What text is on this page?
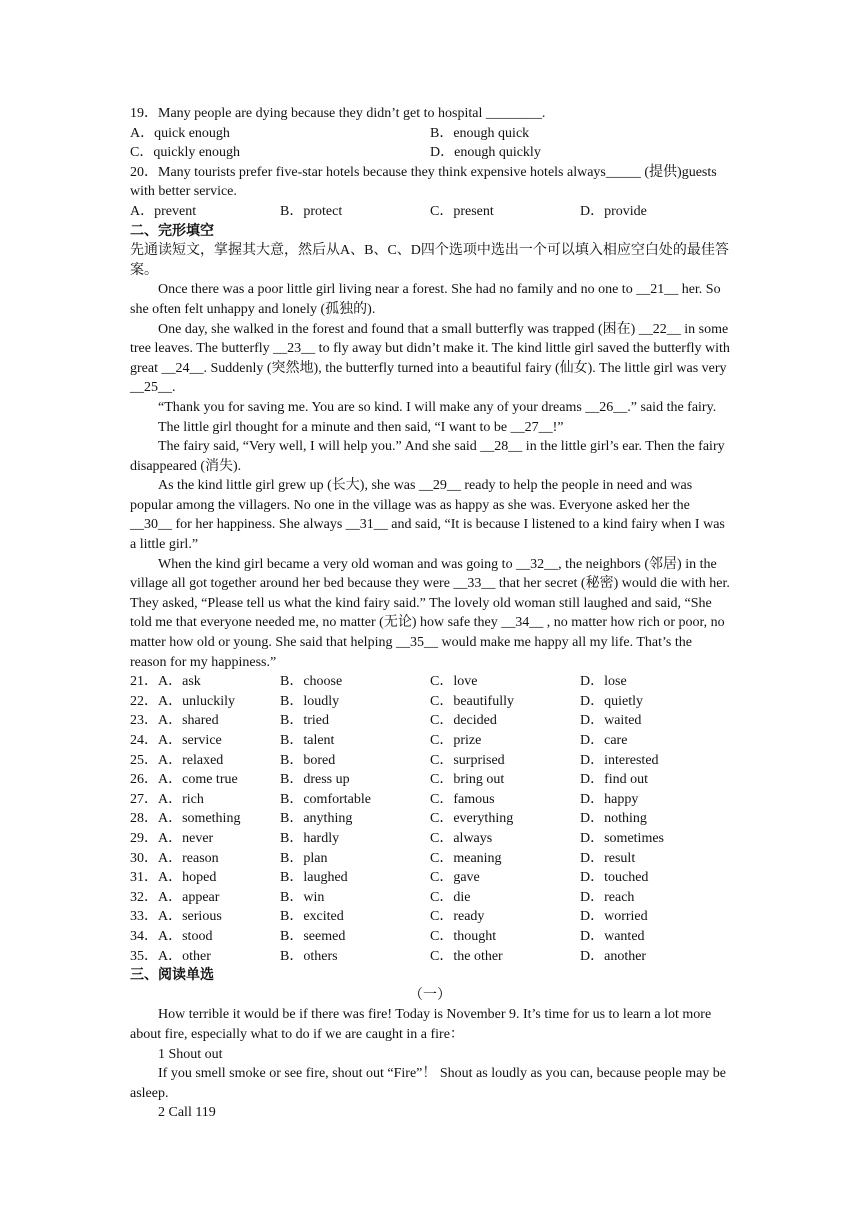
19．Many people are dying because they didn’t get to hospital ________.
A．quick enough	B．enough quick
C．quickly enough	D．enough quickly
20．Many tourists prefer five-star hotels because they think expensive hotels always_____ (提供)guests with better service.
A．prevent	B．protect	C．present	D．provide
二、完形填空
先通读短文，掌握其大意，然后从A、B、C、D四个选项中选出一个可以填入相应空白处的最佳答案。
Once there was a poor little girl living near a forest. She had no family and no one to __21__ her. So she often felt unhappy and lonely (孤独的).
One day, she walked in the forest and found that a small butterfly was trapped (困在) __22__ in some tree leaves. The butterfly __23__ to fly away but didn’t make it. The kind little girl saved the butterfly with great __24__. Suddenly (突然地), the butterfly turned into a beautiful fairy (仙女). The little girl was very __25__.
“Thank you for saving me. You are so kind. I will make any of your dreams __26__.” said the fairy.
The little girl thought for a minute and then said, “I want to be __27__!”
The fairy said, “Very well, I will help you.” And she said __28__ in the little girl’s ear. Then the fairy disappeared (消失).
As the kind little girl grew up (长大), she was __29__ ready to help the people in need and was popular among the villagers. No one in the village was as happy as she was. Everyone asked her the __30__ for her happiness. She always __31__ and said, “It is because I listened to a kind fairy when I was a little girl.”
When the kind girl became a very old woman and was going to __32__, the neighbors (邻居) in the village all got together around her bed because they were __33__ that her secret (秘密) would die with her. They asked, “Please tell us what the kind fairy said.” The lovely old woman still laughed and said, “She told me that everyone needed me, no matter (无论) how safe they __34__ , no matter how rich or poor, no matter how old or young. She said that helping __35__ would make me happy all my life. That’s the reason for my happiness.”
21．A．ask	B．choose	C．love	D．lose
22．A．unluckily	B．loudly	C．beautifully	D．quietly
23．A．shared	B．tried	C．decided	D．waited
24．A．service	B．talent	C．prize	D．care
25．A．relaxed	B．bored	C．surprised	D．interested
26．A．come true	B．dress up	C．bring out	D．find out
27．A．rich	B．comfortable	C．famous	D．happy
28．A．something	B．anything	C．everything	D．nothing
29．A．never	B．hardly	C．always	D．sometimes
30．A．reason	B．plan	C．meaning	D．result
31．A．hoped	B．laughed	C．gave	D．touched
32．A．appear	B．win	C．die	D．reach
33．A．serious	B．excited	C．ready	D．worried
34．A．stood	B．seemed	C．thought	D．wanted
35．A．other	B．others	C．the other	D．another
三、阅读单选
（一）
How terrible it would be if there was fire! Today is November 9. It’s time for us to learn a lot more about fire, especially what to do if we are caught in a fire：
1 Shout out
If you smell smoke or see fire, shout out “Fire”！ Shout as loudly as you can, because people may be asleep.
2 Call 119
